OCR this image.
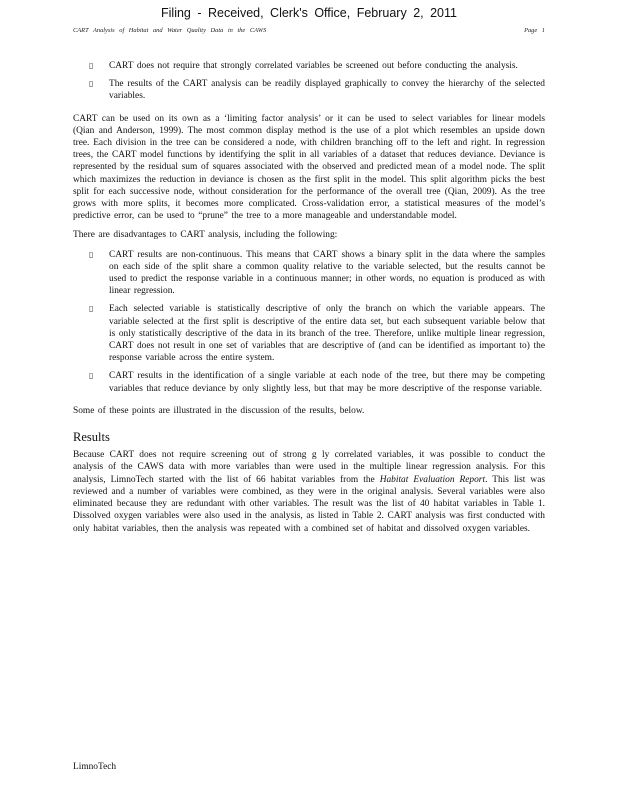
Filing - Received, Clerk's Office, February 2, 2011
CART Analysis of Habitat and Water Quality Data in the CAWS	Page 1
▯ CART does not require that strongly correlated variables be screened out before conducting the analysis.
▯ The results of the CART analysis can be readily displayed graphically to convey the hierarchy of the selected variables.

CART can be used on its own as a ‘limiting factor analysis’ or it can be used to select variables for linear models (Qian and Anderson, 1999). The most common display method is the use of a plot which resembles an upside down tree. Each division in the tree can be considered a node, with children branching off to the left and right. In regression trees, the CART model functions by identifying the split in all variables of a dataset that reduces deviance. Deviance is represented by the residual sum of squares associated with the observed and predicted mean of a model node. The split which maximizes the reduction in deviance is chosen as the first split in the model. This split algorithm picks the best split for each successive node, without consideration for the performance of the overall tree (Qian, 2009). As the tree grows with more splits, it becomes more complicated. Cross-validation error, a statistical measures of the model’s predictive error, can be used to “prune” the tree to a more manageable and understandable model.

There are disadvantages to CART analysis, including the following:

▯ CART results are non-continuous. This means that CART shows a binary split in the data where the samples on each side of the split share a common quality relative to the variable selected, but the results cannot be used to predict the response variable in a continuous manner; in other words, no equation is produced as with linear regression.
▯ Each selected variable is statistically descriptive of only the branch on which the variable appears. The variable selected at the first split is descriptive of the entire data set, but each subsequent variable below that is only statistically descriptive of the data in its branch of the tree. Therefore, unlike multiple linear regression, CART does not result in one set of variables that are descriptive of (and can be identified as important to) the response variable across the entire system.
▯ CART results in the identification of a single variable at each node of the tree, but there may be competing variables that reduce deviance by only slightly less, but that may be more descriptive of the response variable.

Some of these points are illustrated in the discussion of the results, below.

Results

Because CART does not require screening out of strong g ly correlated variables, it was possible to conduct the analysis of the CAWS data with more variables than were used in the multiple linear regression analysis. For this analysis, LimnoTech started with the list of 66 habitat variables from the Habitat Evaluation Report. This list was reviewed and a number of variables were combined, as they were in the original analysis. Several variables were also eliminated because they are redundant with other variables. The result was the list of 40 habitat variables in Table 1. Dissolved oxygen variables were also used in the analysis, as listed in Table 2. CART analysis was first conducted with only habitat variables, then the analysis was repeated with a combined set of habitat and dissolved oxygen variables.

LimnoTech
